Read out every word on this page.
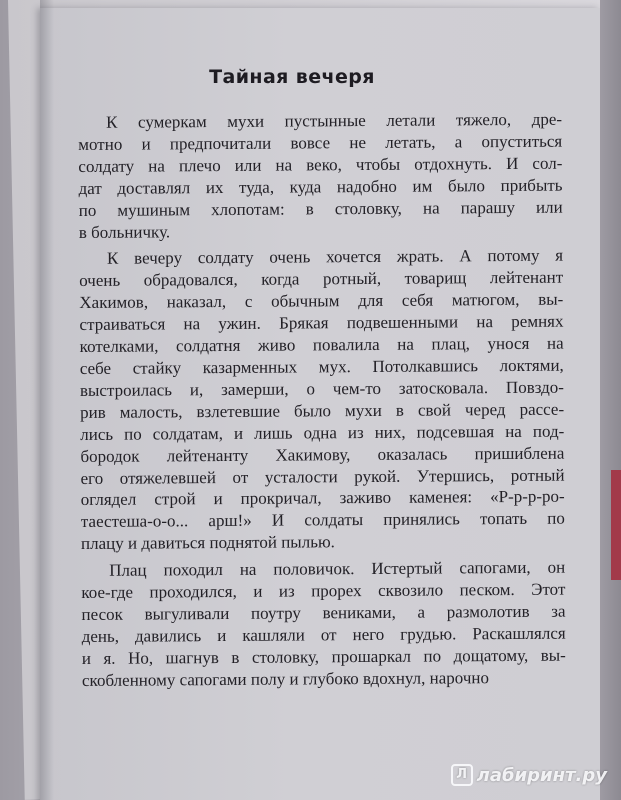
Тайная вечеря
К сумеркам мухи пустынные летали тяжело, дре-
мотно и предпочитали вовсе не летать, а опуститься
солдату на плечо или на веко, чтобы отдохнуть. И сол-
дат доставлял их туда, куда надобно им было прибыть
по мушиным хлопотам: в столовку, на парашу или
в больничку.
К вечеру солдату очень хочется жрать. А потому я
очень обрадовался, когда ротный, товарищ лейтенант
Хакимов, наказал, с обычным для себя матюгом, вы-
страиваться на ужин. Брякая подвешенными на ремнях
котелками, солдатня живо повалила на плац, унося на
себе стайку казарменных мух. Потолкавшись локтями,
выстроилась и, замерши, о чем-то затосковала. Повздо-
рив малость, взлетевшие было мухи в свой черед рассе-
лись по солдатам, и лишь одна из них, подсевшая на под-
бородок лейтенанту Хакимову, оказалась пришиблена
его отяжелевшей от усталости рукой. Утершись, ротный
оглядел строй и прокричал, заживо каменея: «Р-р-р-ро-
таестеша-о-о... арш!» И солдаты принялись топать по
плацу и давиться поднятой пылью.
Плац походил на половичок. Истертый сапогами, он
кое-где проходился, и из прорех сквозило песком. Этот
песок выгуливали поутру вениками, а размолотив за
день, давились и кашляли от него грудью. Раскашлялся
и я. Но, шагнув в столовку, прошаркал по дощатому, вы-
скобленному сапогами полу и глубоко вдохнул, нарочно
Л лабиринт.ру
